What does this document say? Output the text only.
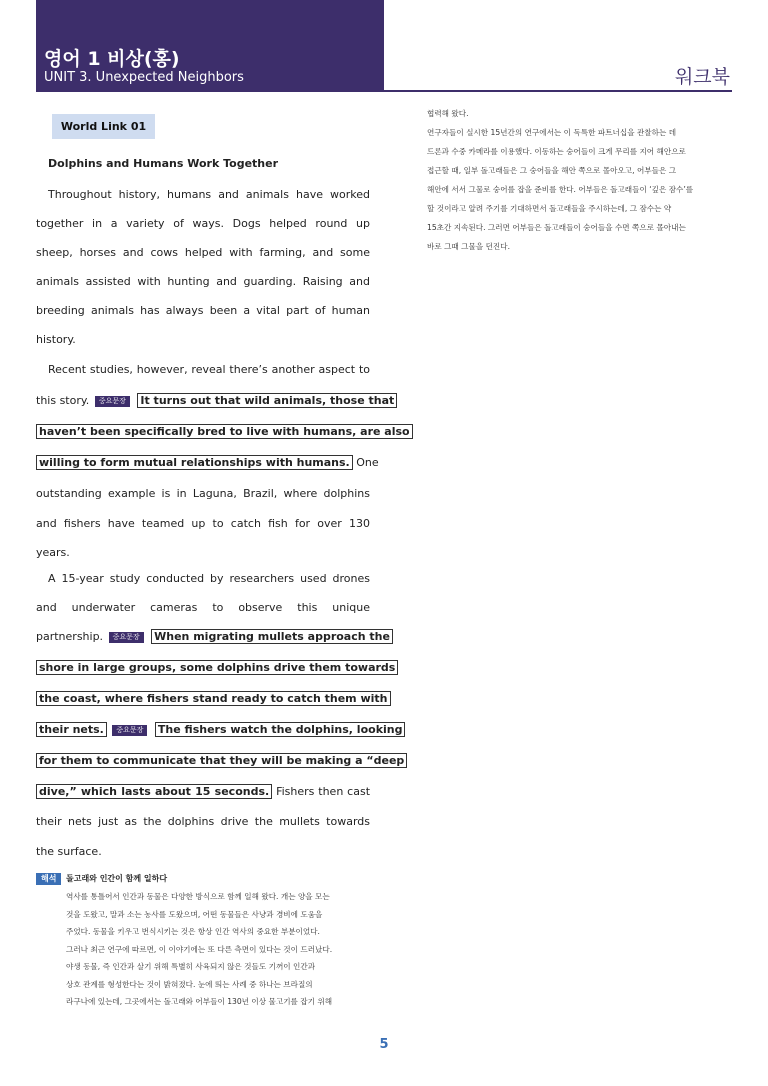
영어 1 비상(홍)
UNIT 3. Unexpected Neighbors	워크북
World Link 01
Dolphins and Humans Work Together
Throughout history, humans and animals have worked
together in a variety of ways. Dogs helped round up
sheep, horses and cows helped with farming, and some
animals assisted with hunting and guarding. Raising and
breeding animals has always been a vital part of human
history.
Recent studies, however, reveal there’s another aspect to
this story. 중요문장 It turns out that wild animals, those that
haven’t been specifically bred to live with humans, are also
willing to form mutual relationships with humans. One
outstanding example is in Laguna, Brazil, where dolphins
and fishers have teamed up to catch fish for over 130
years.
A 15-year study conducted by researchers used drones
and underwater cameras to observe this unique
partnership. 중요문장 When migrating mullets approach the
shore in large groups, some dolphins drive them towards
the coast, where fishers stand ready to catch them with
their nets. 중요문장 The fishers watch the dolphins, looking
for them to communicate that they will be making a “deep
dive,” which lasts about 15 seconds. Fishers then cast
their nets just as the dolphins drive the mullets towards
the surface.
해석	돌고래와 인간이 함께 일하다
역사를 통틀어서 인간과 동물은 다양한 방식으로 함께 일해 왔다. 개는 양을 모는
것을 도왔고, 말과 소는 농사를 도왔으며, 어떤 동물들은 사냥과 경비에 도움을
주었다. 동물을 키우고 번식시키는 것은 항상 인간 역사의 중요한 부분이었다.
그러나 최근 연구에 따르면, 이 이야기에는 또 다른 측면이 있다는 것이 드러났다.
야생 동물, 즉 인간과 살기 위해 특별히 사육되지 않은 것들도 기꺼이 인간과
상호 관계를 형성한다는 것이 밝혀졌다. 눈에 띄는 사례 중 하나는 브라질의
라구나에 있는데, 그곳에서는 돌고래와 어부들이 130년 이상 물고기를 잡기 위해
협력해 왔다.
연구자들이 실시한 15년간의 연구에서는 이 독특한 파트너십을 관찰하는 데
드론과 수중 카메라를 이용했다. 이동하는 숭어들이 크게 무리를 지어 해안으로
접근할 때, 일부 돌고래들은 그 숭어들을 해안 쪽으로 몰아오고, 어부들은 그
해안에 서서 그물로 숭어를 잡을 준비를 한다. 어부들은 돌고래들이 ‘깊은 잠수’를
할 것이라고 알려 주기를 기대하면서 돌고래들을 주시하는데, 그 잠수는 약
15초간 지속된다. 그러면 어부들은 돌고래들이 숭어들을 수면 쪽으로 몰아내는
바로 그때 그물을 던진다.
5
